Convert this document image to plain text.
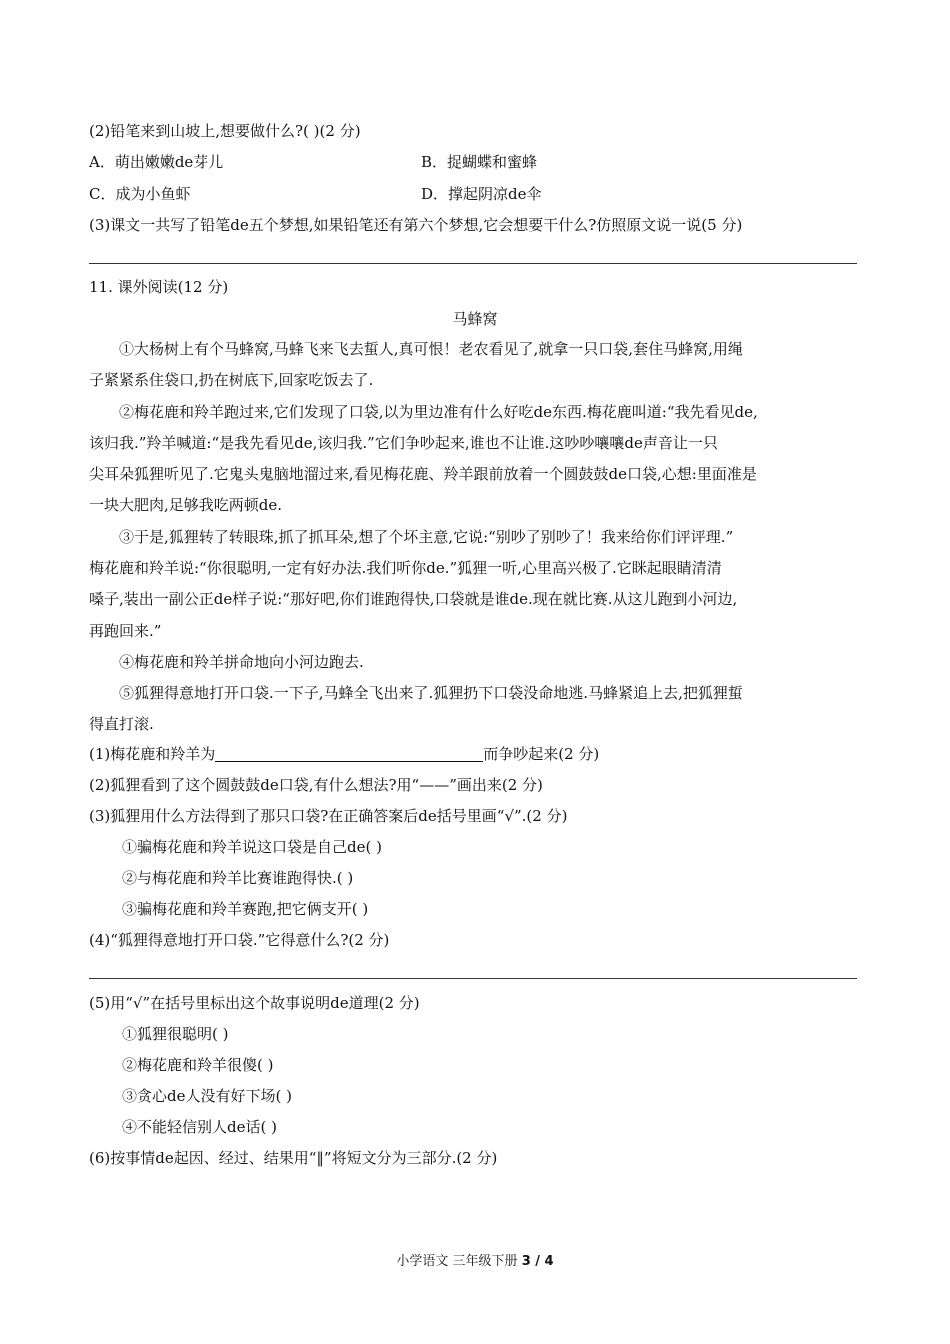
(2)铅笔来到山坡上,想要做什么?( )(2 分)
A．萌出嫩嫩de芽儿	B．捉蝴蝶和蜜蜂
C．成为小鱼虾	D．撑起阴凉de伞
(3)课文一共写了铅笔de五个梦想,如果铅笔还有第六个梦想,它会想要干什么?仿照原文说一说(5 分)
11. 课外阅读(12 分)
马蜂窝
①大杨树上有个马蜂窝,马蜂飞来飞去蜇人,真可恨！老农看见了,就拿一只口袋,套住马蜂窝,用绳
子紧紧系住袋口,扔在树底下,回家吃饭去了.
②梅花鹿和羚羊跑过来,它们发现了口袋,以为里边准有什么好吃de东西.梅花鹿叫道:“我先看见de,
该归我.”羚羊喊道:“是我先看见de,该归我.”它们争吵起来,谁也不让谁.这吵吵嚷嚷de声音让一只
尖耳朵狐狸听见了.它鬼头鬼脑地溜过来,看见梅花鹿、羚羊跟前放着一个圆鼓鼓de口袋,心想:里面准是
一块大肥肉,足够我吃两顿de.
③于是,狐狸转了转眼珠,抓了抓耳朵,想了个坏主意,它说:“别吵了别吵了！我来给你们评评理.”
梅花鹿和羚羊说:“你很聪明,一定有好办法.我们听你de.”狐狸一听,心里高兴极了.它眯起眼睛清清
嗓子,装出一副公正de样子说:“那好吧,你们谁跑得快,口袋就是谁de.现在就比赛.从这儿跑到小河边,
再跑回来.”
④梅花鹿和羚羊拼命地向小河边跑去.
⑤狐狸得意地打开口袋.一下子,马蜂全飞出来了.狐狸扔下口袋没命地逃.马蜂紧追上去,把狐狸蜇
得直打滚.
(1)梅花鹿和羚羊为	而争吵起来(2 分)
(2)狐狸看到了这个圆鼓鼓de口袋,有什么想法?用“——”画出来(2 分)
(3)狐狸用什么方法得到了那只口袋?在正确答案后de括号里画“√”.(2 分)
①骗梅花鹿和羚羊说这口袋是自己de( )
②与梅花鹿和羚羊比赛谁跑得快.( )
③骗梅花鹿和羚羊赛跑,把它俩支开( )
(4)“狐狸得意地打开口袋.”它得意什么?(2 分)
(5)用“√”在括号里标出这个故事说明de道理(2 分)
①狐狸很聪明( )
②梅花鹿和羚羊很傻( )
③贪心de人没有好下场( )
④不能轻信别人de话( )
(6)按事情de起因、经过、结果用“‖”将短文分为三部分.(2 分)
小学语文 三年级下册 3 / 4
